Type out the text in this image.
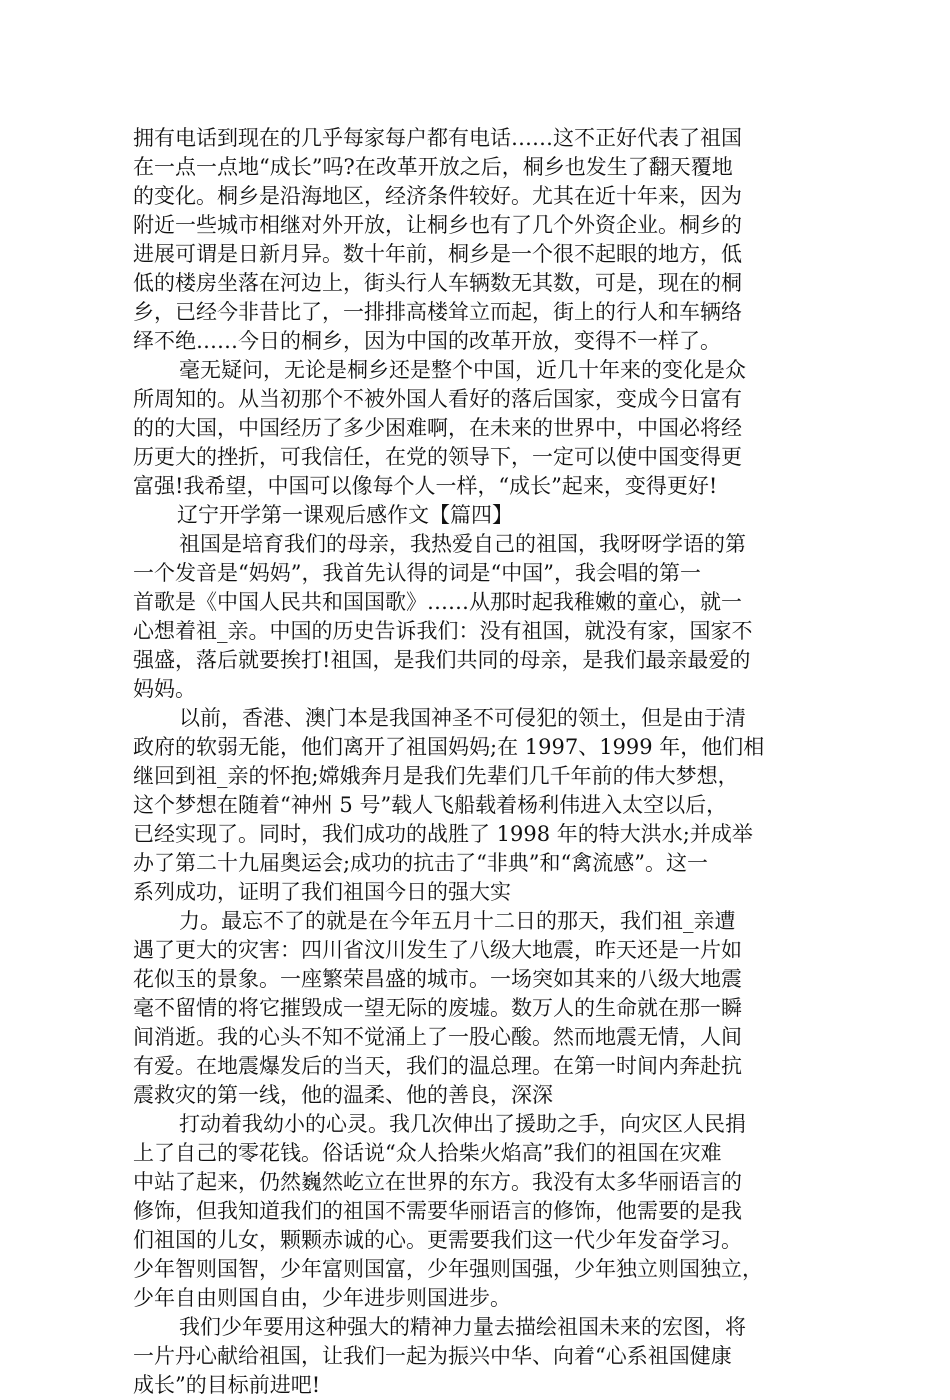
拥有电话到现在的几乎每家每户都有电话……这不正好代表了祖国
在一点一点地“成长”吗?在改革开放之后，桐乡也发生了翻天覆地
的变化。桐乡是沿海地区，经济条件较好。尤其在近十年来，因为
附近一些城市相继对外开放，让桐乡也有了几个外资企业。桐乡的
进展可谓是日新月异。数十年前，桐乡是一个很不起眼的地方，低
低的楼房坐落在河边上，街头行人车辆数无其数，可是，现在的桐
乡，已经今非昔比了，一排排高楼耸立而起，街上的行人和车辆络
绎不绝……今日的桐乡，因为中国的改革开放，变得不一样了。
毫无疑问，无论是桐乡还是整个中国，近几十年来的变化是众
所周知的。从当初那个不被外国人看好的落后国家，变成今日富有
的的大国，中国经历了多少困难啊，在未来的世界中，中国必将经
历更大的挫折，可我信任，在党的领导下，一定可以使中国变得更
富强!我希望，中国可以像每个人一样，“成长”起来，变得更好!
辽宁开学第一课观后感作文【篇四】
祖国是培育我们的母亲，我热爱自己的祖国，我呀呀学语的第
一个发音是“妈妈”，我首先认得的词是“中国”，我会唱的第一
首歌是《中国人民共和国国歌》……从那时起我稚嫩的童心，就一
心想着祖_亲。中国的历史告诉我们：没有祖国，就没有家，国家不
强盛，落后就要挨打!祖国，是我们共同的母亲，是我们最亲最爱的
妈妈。
以前，香港、澳门本是我国神圣不可侵犯的领土，但是由于清
政府的软弱无能，他们离开了祖国妈妈;在 1997、1999 年，他们相
继回到祖_亲的怀抱;嫦娥奔月是我们先辈们几千年前的伟大梦想，
这个梦想在随着“神州 5 号”载人飞船载着杨利伟进入太空以后，
已经实现了。同时，我们成功的战胜了 1998 年的特大洪水;并成举
办了第二十九届奥运会;成功的抗击了“非典”和“禽流感”。这一
系列成功，证明了我们祖国今日的强大实
力。最忘不了的就是在今年五月十二日的那天，我们祖_亲遭
遇了更大的灾害：四川省汶川发生了八级大地震，昨天还是一片如
花似玉的景象。一座繁荣昌盛的城市。一场突如其来的八级大地震
毫不留情的将它摧毁成一望无际的废墟。数万人的生命就在那一瞬
间消逝。我的心头不知不觉涌上了一股心酸。然而地震无情，人间
有爱。在地震爆发后的当天，我们的温总理。在第一时间内奔赴抗
震救灾的第一线，他的温柔、他的善良，深深
打动着我幼小的心灵。我几次伸出了援助之手，向灾区人民捐
上了自己的零花钱。俗话说“众人拾柴火焰高”我们的祖国在灾难
中站了起来，仍然巍然屹立在世界的东方。我没有太多华丽语言的
修饰，但我知道我们的祖国不需要华丽语言的修饰，他需要的是我
们祖国的儿女，颗颗赤诚的心。更需要我们这一代少年发奋学习。
少年智则国智，少年富则国富，少年强则国强，少年独立则国独立，
少年自由则国自由，少年进步则国进步。
我们少年要用这种强大的精神力量去描绘祖国未来的宏图，将
一片丹心献给祖国，让我们一起为振兴中华、向着“心系祖国健康
成长”的目标前进吧!
